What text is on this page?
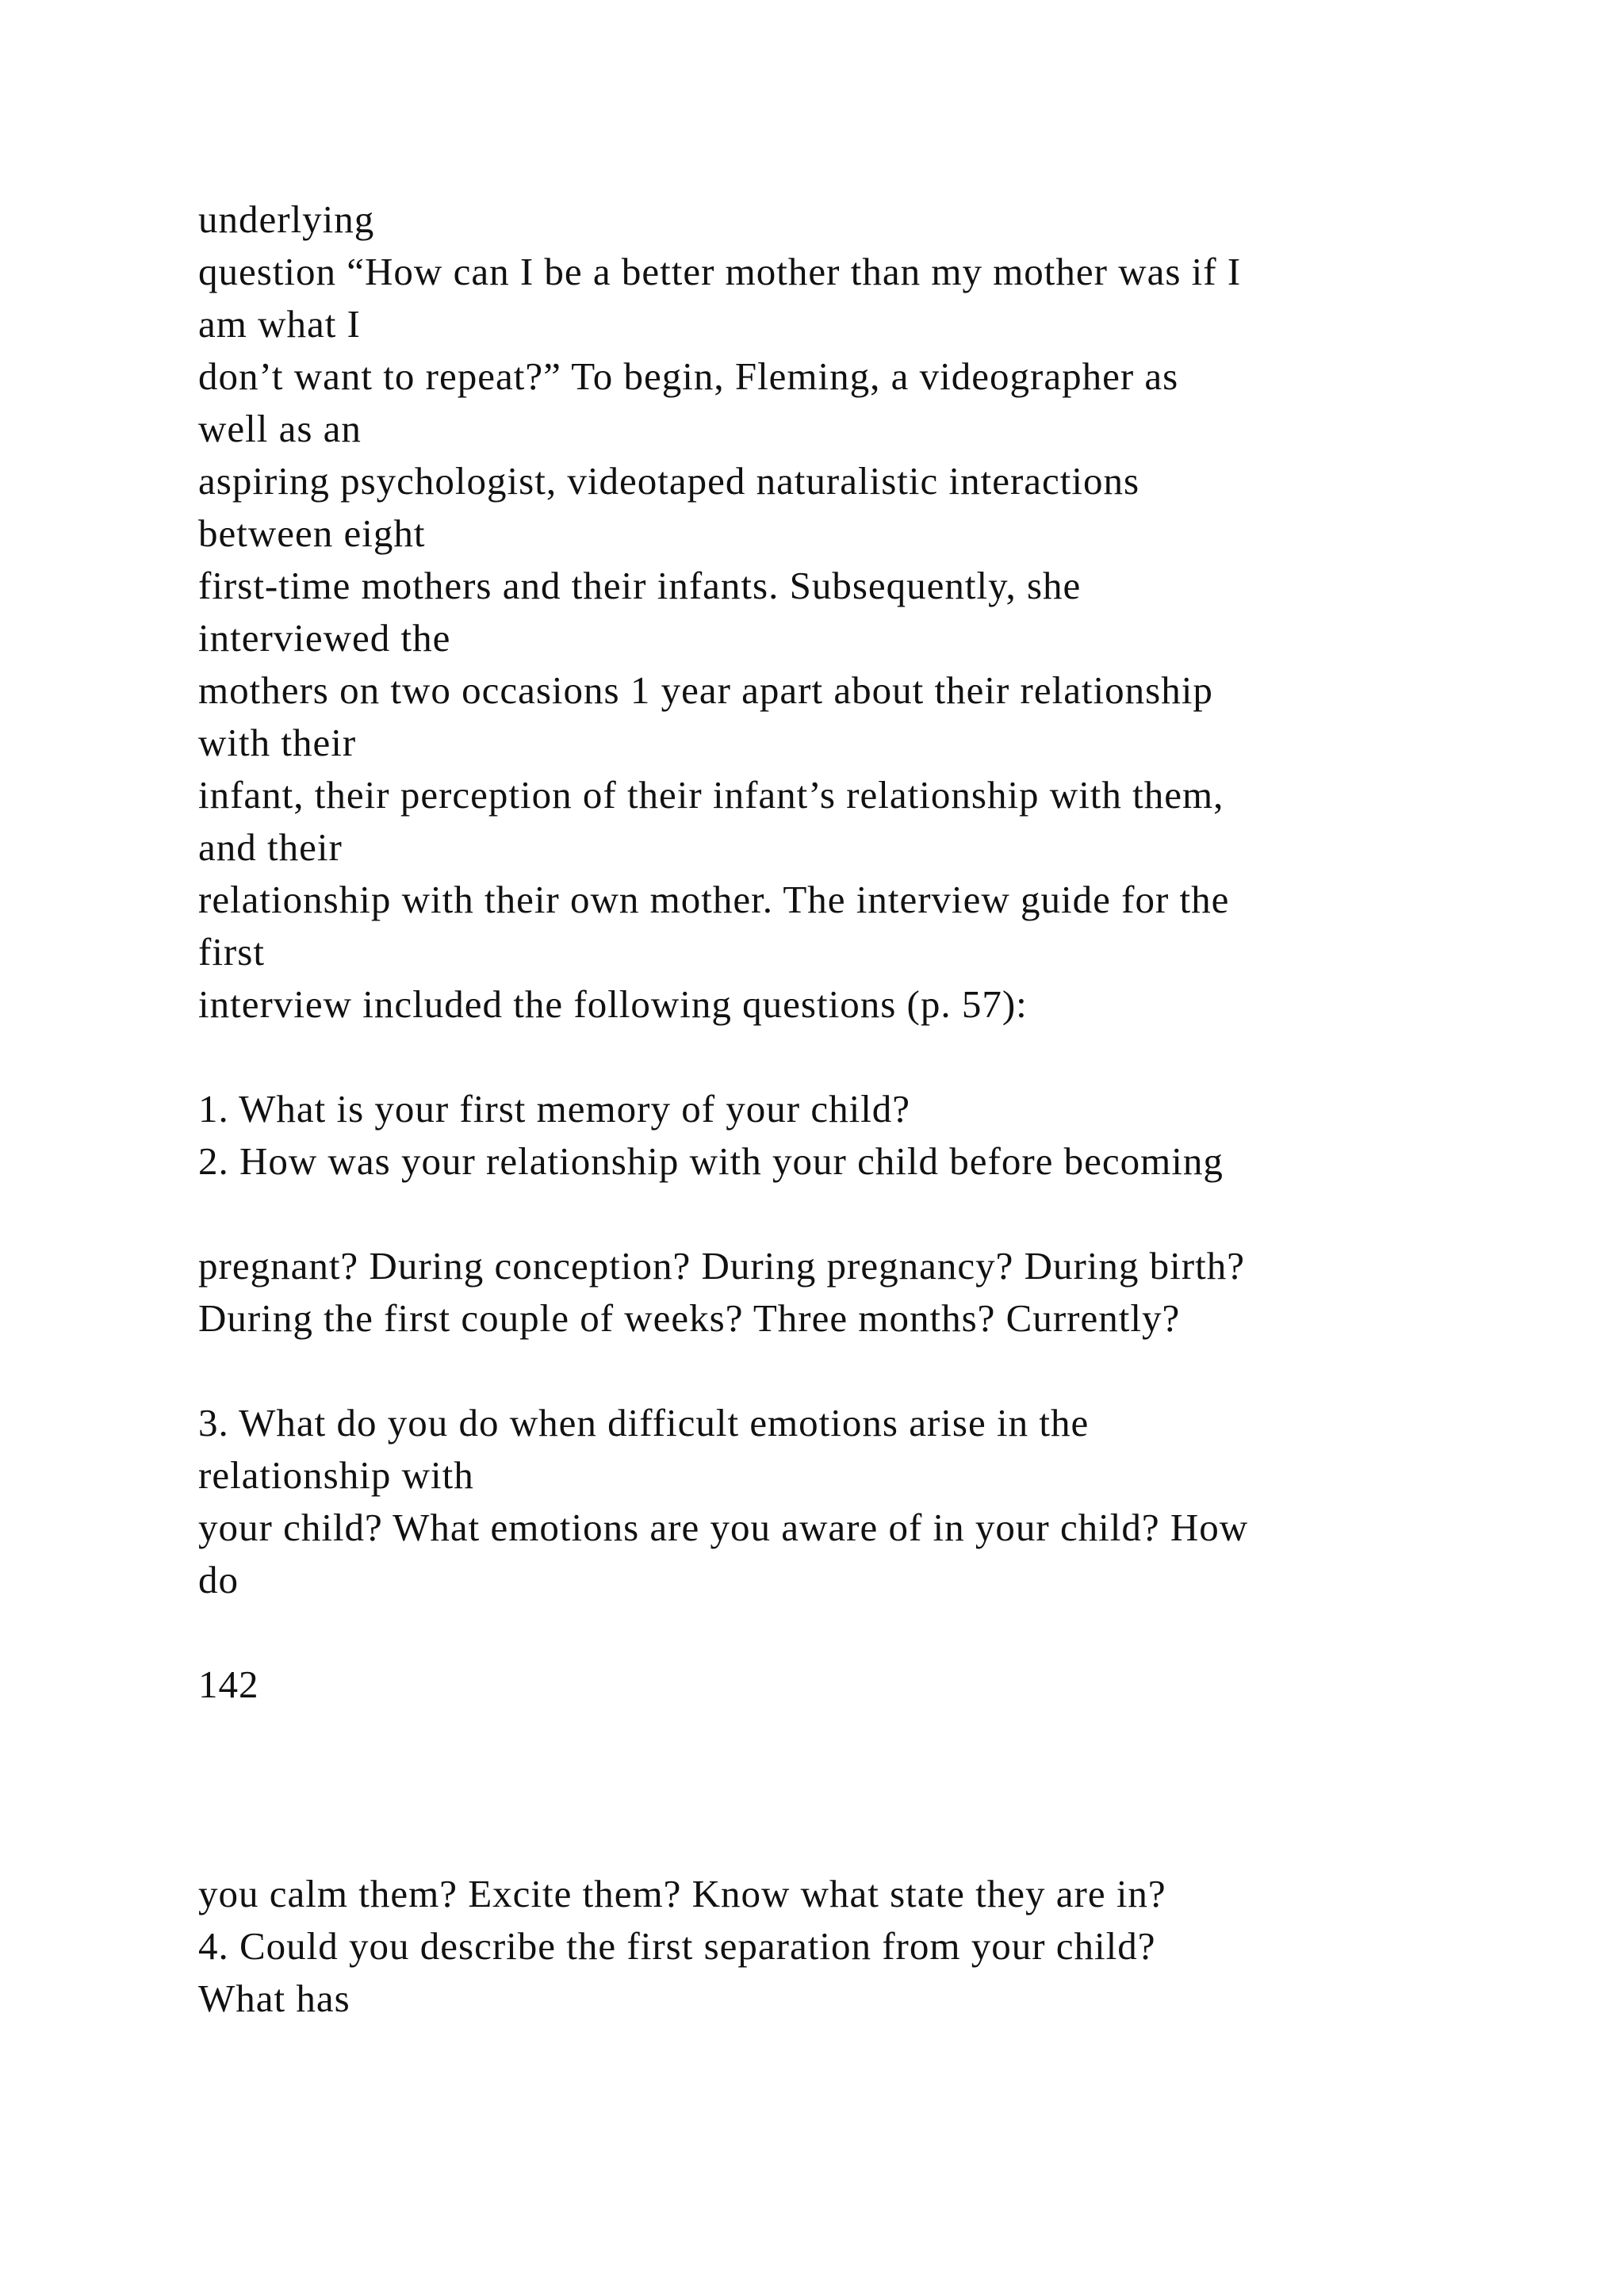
underlying

question “How can I be a better mother than my mother was if I

am what I

don’t want to repeat?” To begin, Fleming, a videographer as

well as an

aspiring psychologist, videotaped naturalistic interactions

between eight

first-time mothers and their infants. Subsequently, she

interviewed the

mothers on two occasions 1 year apart about their relationship

with their

infant, their perception of their infant’s relationship with them,

and their

relationship with their own mother. The interview guide for the

first

interview included the following questions (p. 57):

1. What is your first memory of your child?

2. How was your relationship with your child before becoming

pregnant? During conception? During pregnancy? During birth?

During the first couple of weeks? Three months? Currently?

3. What do you do when difficult emotions arise in the

relationship with

your child? What emotions are you aware of in your child? How

do

142

you calm them? Excite them? Know what state they are in?

4. Could you describe the first separation from your child?

What has
